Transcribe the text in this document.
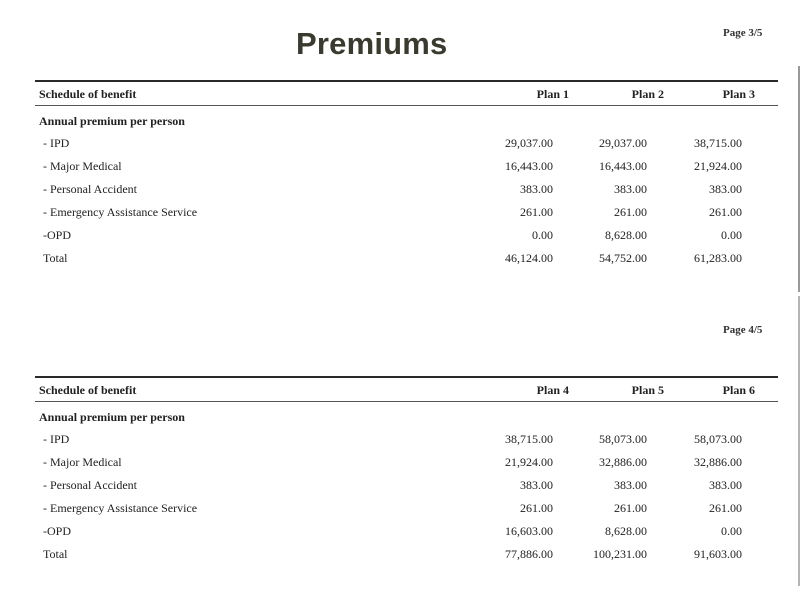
Premiums	Page 3/5
Schedule of benefit	Plan 1	Plan 2	Plan 3
Annual premium per person
- IPD	29,037.00	29,037.00	38,715.00
- Major Medical	16,443.00	16,443.00	21,924.00
- Personal Accident	383.00	383.00	383.00
- Emergency Assistance Service	261.00	261.00	261.00
-OPD	0.00	8,628.00	0.00
Total	46,124.00	54,752.00	61,283.00
Page 4/5
Schedule of benefit	Plan 4	Plan 5	Plan 6
Annual premium per person
- IPD	38,715.00	58,073.00	58,073.00
- Major Medical	21,924.00	32,886.00	32,886.00
- Personal Accident	383.00	383.00	383.00
- Emergency Assistance Service	261.00	261.00	261.00
-OPD	16,603.00	8,628.00	0.00
Total	77,886.00	100,231.00	91,603.00
